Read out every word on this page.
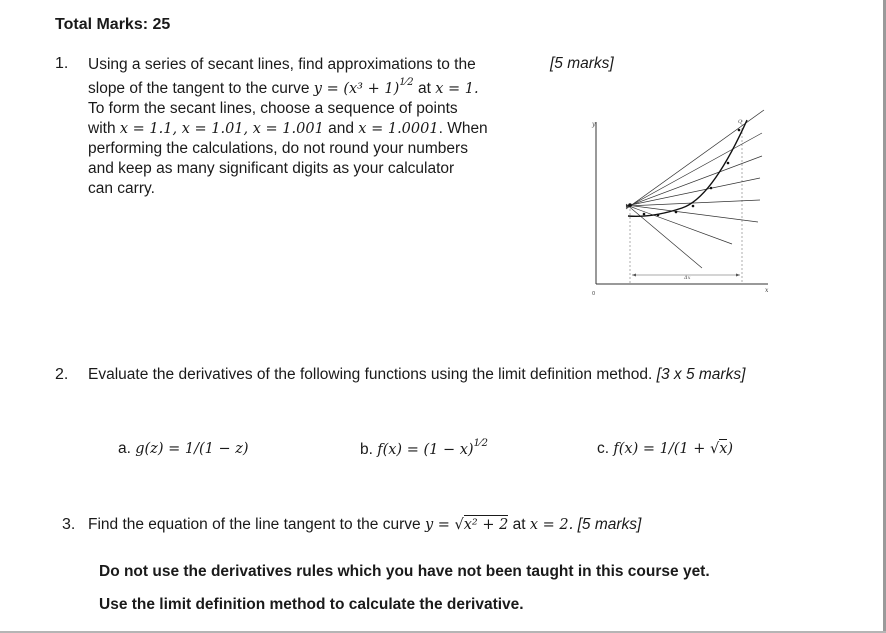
Total Marks: 25
1. Using a series of secant lines, find approximations to the
slope of the tangent to the curve $y = (x^3 + 1)^{1⁄2}$ at x = 1.
To form the secant lines, choose a sequence of points
with x = 1.1, x = 1.01, x = 1.001 and x = 1.0001. When
performing the calculations, do not round your numbers
and keep as many significant digits as your calculator
can carry.
[5 marks]
y
x
0
Δx
Q
2. Evaluate the derivatives of the following functions using the limit definition method. [3 x 5 marks]
a. g(z) = 1/(1 − z)	b. $f(x) = (1 - x)^{1⁄2}$	c. f(x) = 1/(1 + √x)
3. Find the equation of the line tangent to the curve y = √x² + 2 at x = 2. [5 marks]
Do not use the derivatives rules which you have not been taught in this course yet.
Use the limit definition method to calculate the derivative.
